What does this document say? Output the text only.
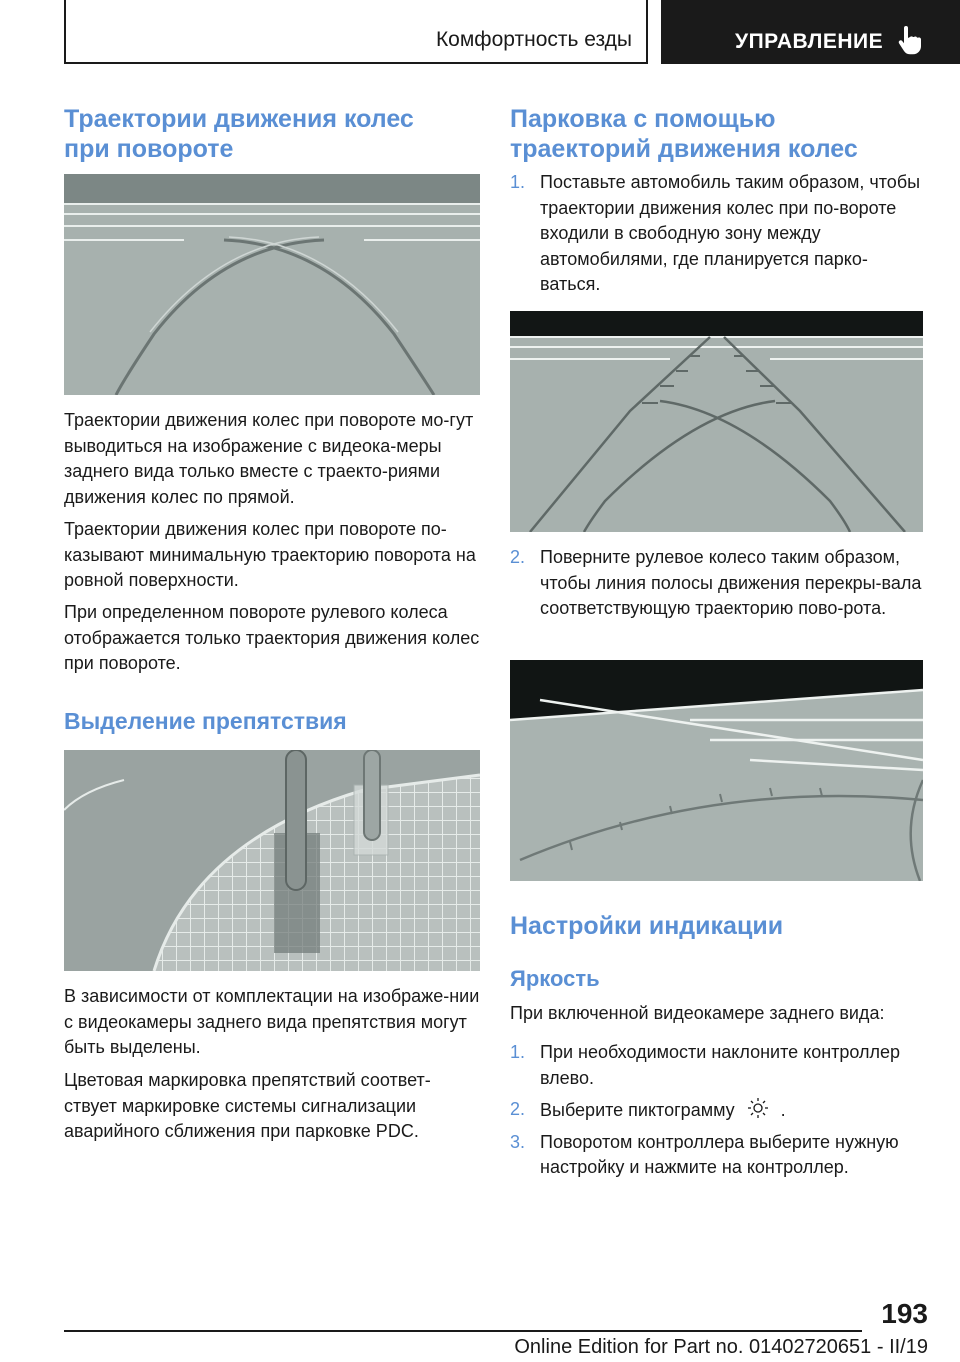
Комфортность езды	УПРАВЛЕНИЕ
Траектории движения колес при повороте

Траектории движения колес при повороте мо-гут выводиться на изображение с видеока-меры заднего вида только вместе с траекто-риями движения колес по прямой.

Траектории движения колес при повороте по-казывают минимальную траекторию поворота на ровной поверхности.

При определенном повороте рулевого колеса отображается только траектория движения колес при повороте.

Выделение препятствия

В зависимости от комплектации на изображе-нии с видеокамеры заднего вида препятствия могут быть выделены.

Цветовая маркировка препятствий соответ-ствует маркировке системы сигнализации аварийного сближения при парковке PDC.

Парковка с помощью траекторий движения колес
1. Поставьте автомобиль таким образом, чтобы траектории движения колес при по-вороте входили в свободную зону между автомобилями, где планируется парко-ваться.
2. Поверните рулевое колесо таким образом, чтобы линия полосы движения перекры-вала соответствующую траекторию пово-рота.
Настройки индикации
Яркость

При включенной видеокамере заднего вида:

1. При необходимости наклоните контроллер влево.
2. Выберите пиктограмму	.
3. Поворотом контроллера выберите нужную настройку и нажмите на контроллер.
193
Online Edition for Part no. 01402720651 - II/19
